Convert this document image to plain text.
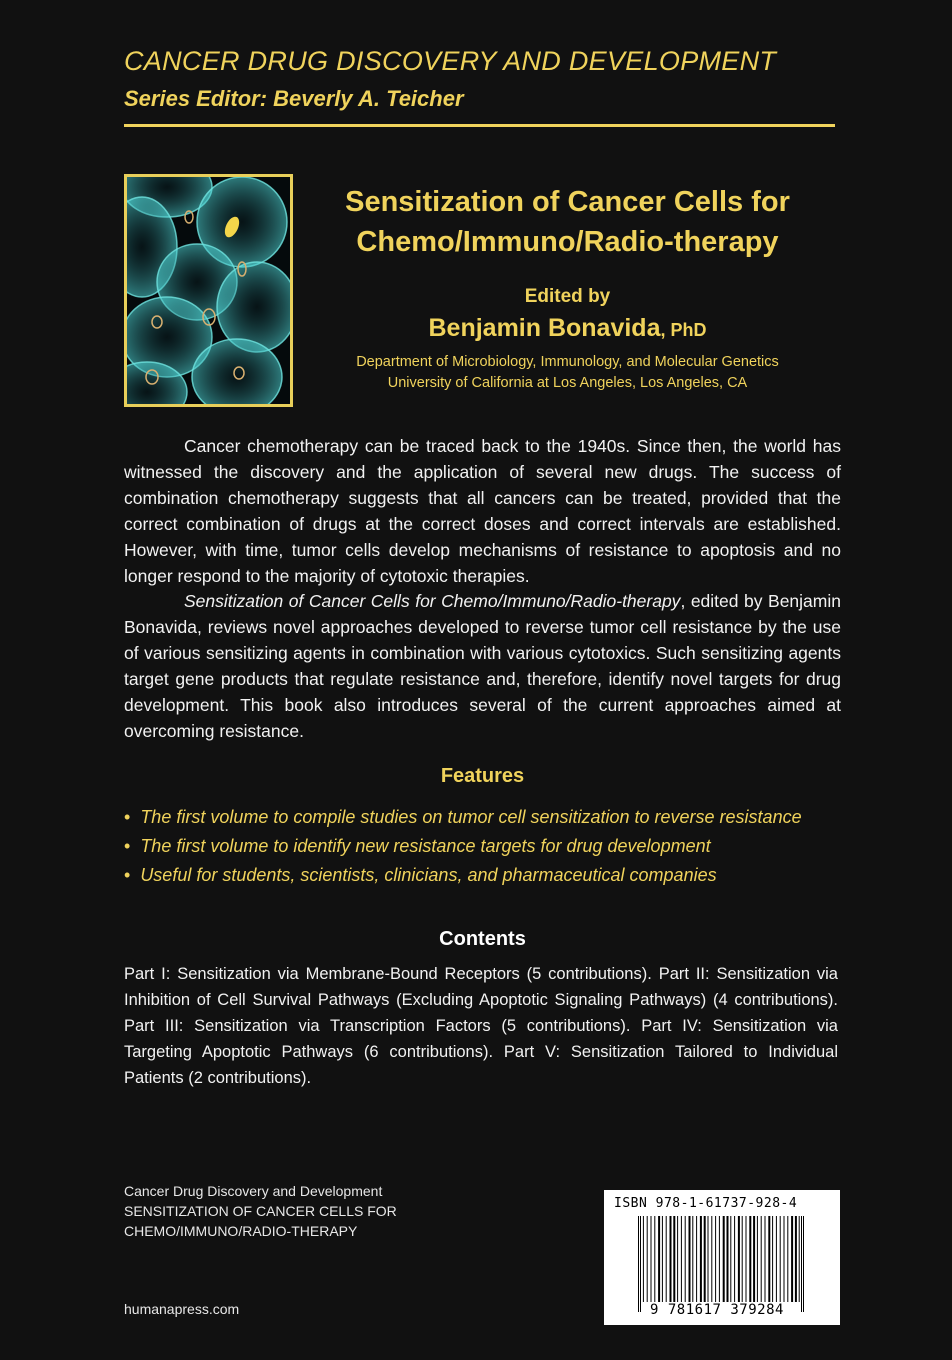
CANCER DRUG DISCOVERY AND DEVELOPMENT
Series Editor: Beverly A. Teicher
Sensitization of Cancer Cells for
Chemo/Immuno/Radio-therapy
Edited by
Benjamin Bonavida, PhD
Department of Microbiology, Immunology, and Molecular Genetics
University of California at Los Angeles, Los Angeles, CA

Cancer chemotherapy can be traced back to the 1940s. Since then, the world has witnessed the discovery and the application of several new drugs. The success of combination chemotherapy suggests that all cancers can be treated, provided that the correct combination of drugs at the correct doses and correct intervals are established. However, with time, tumor cells develop mechanisms of resistance to apoptosis and no longer respond to the majority of cytotoxic therapies.

Sensitization of Cancer Cells for Chemo/Immuno/Radio-therapy, edited by Benjamin Bonavida, reviews novel approaches developed to reverse tumor cell resistance by the use of various sensitizing agents in combination with various cytotoxics. Such sensitizing agents target gene products that regulate resistance and, therefore, identify novel targets for drug development. This book also introduces several of the current approaches aimed at overcoming resistance.

Features
• The first volume to compile studies on tumor cell sensitization to reverse resistance
• The first volume to identify new resistance targets for drug development
• Useful for students, scientists, clinicians, and pharmaceutical companies
Contents
Part I: Sensitization via Membrane-Bound Receptors (5 contributions). Part II: Sensitization via Inhibition of Cell Survival Pathways (Excluding Apoptotic Signaling Pathways) (4 contributions). Part III: Sensitization via Transcription Factors (5 contributions). Part IV: Sensitization via Targeting Apoptotic Pathways (6 contributions). Part V: Sensitization Tailored to Individual Patients (2 contributions).
Cancer Drug Discovery and Development
SENSITIZATION OF CANCER CELLS FOR
CHEMO/IMMUNO/RADIO-THERAPY
humanapress.com
ISBN 978-1-61737-928-4
9 781617 379284
